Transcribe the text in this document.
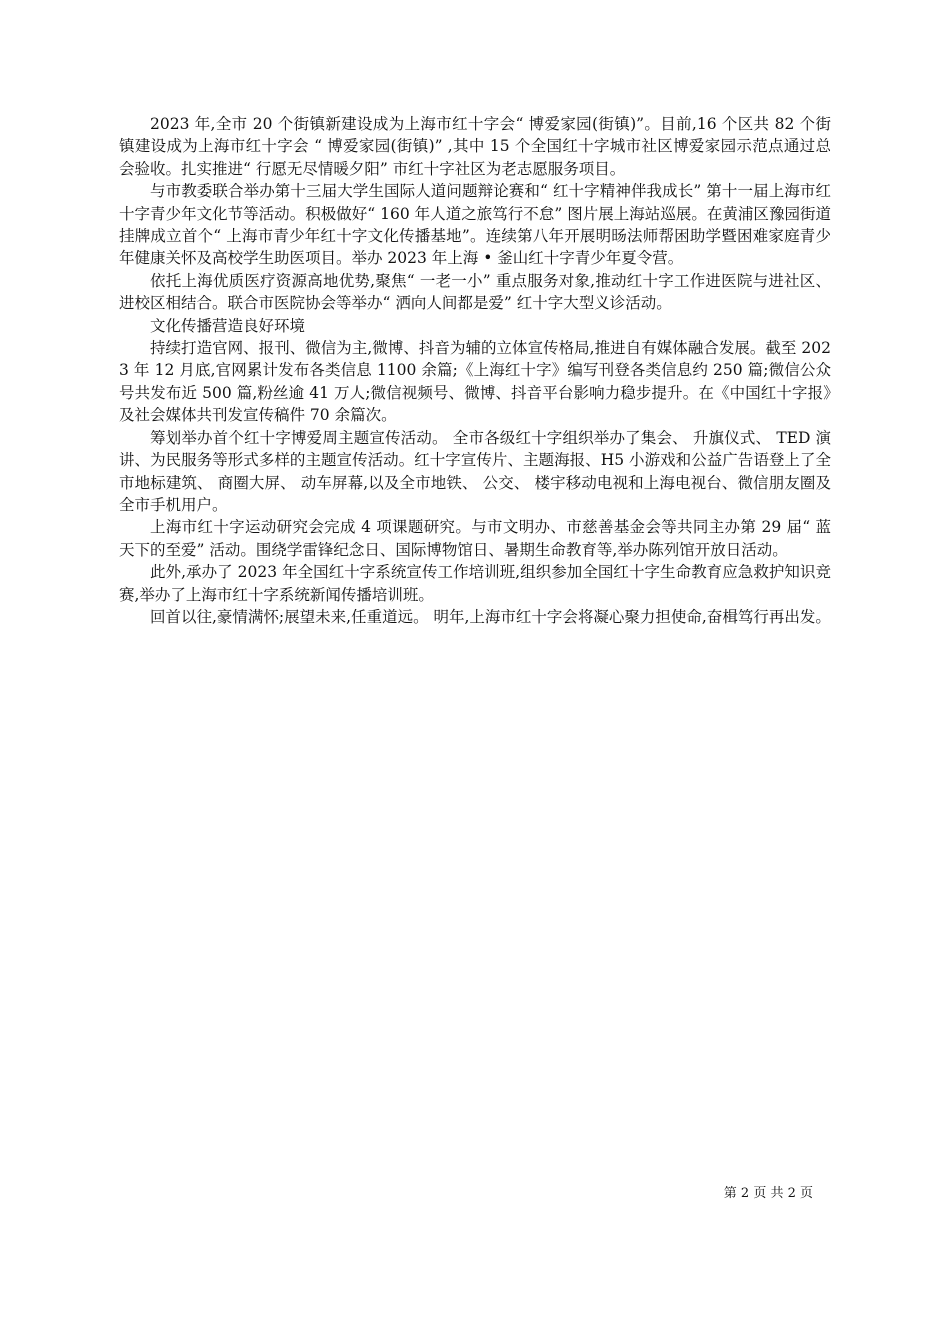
2023 年,全市 20 个街镇新建设成为上海市红十字会“ 博爱家园(街镇)”。目前,16 个区共 82 个街镇建设成为上海市红十字会 “ 博爱家园(街镇)” ,其中 15 个全国红十字城市社区博爱家园示范点通过总会验收。扎实推进“ 行愿无尽情暖夕阳” 市红十字社区为老志愿服务项目。

与市教委联合举办第十三届大学生国际人道问题辩论赛和“ 红十字精神伴我成长” 第十一届上海市红十字青少年文化节等活动。积极做好“ 160 年人道之旅笃行不怠” 图片展上海站巡展。在黄浦区豫园街道挂牌成立首个“ 上海市青少年红十字文化传播基地”。连续第八年开展明旸法师帮困助学暨困难家庭青少年健康关怀及高校学生助医项目。举办 2023 年上海 • 釜山红十字青少年夏令营。

依托上海优质医疗资源高地优势,聚焦“ 一老一小” 重点服务对象,推动红十字工作进医院与进社区、进校区相结合。联合市医院协会等举办“ 洒向人间都是爱” 红十字大型义诊活动。

文化传播营造良好环境

持续打造官网、报刊、微信为主,微博、抖音为辅的立体宣传格局,推进自有媒体融合发展。截至 2023 年 12 月底,官网累计发布各类信息 1100 余篇;《上海红十字》编写刊登各类信息约 250 篇;微信公众号共发布近 500 篇,粉丝逾 41 万人;微信视频号、微博、抖音平台影响力稳步提升。在《中国红十字报》及社会媒体共刊发宣传稿件 70 余篇次。

筹划举办首个红十字博爱周主题宣传活动。 全市各级红十字组织举办了集会、 升旗仪式、 TED 演讲、为民服务等形式多样的主题宣传活动。红十字宣传片、主题海报、H5 小游戏和公益广告语登上了全市地标建筑、 商圈大屏、 动车屏幕,以及全市地铁、 公交、 楼宇移动电视和上海电视台、微信朋友圈及全市手机用户。

上海市红十字运动研究会完成 4 项课题研究。与市文明办、市慈善基金会等共同主办第 29 届“ 蓝天下的至爱” 活动。围绕学雷锋纪念日、国际博物馆日、暑期生命教育等,举办陈列馆开放日活动。

此外,承办了 2023 年全国红十字系统宣传工作培训班,组织参加全国红十字生命教育应急救护知识竞赛,举办了上海市红十字系统新闻传播培训班。

回首以往,豪情满怀;展望未来,任重道远。 明年,上海市红十字会将凝心聚力担使命,奋楫笃行再出发。

第 2 页 共 2 页
